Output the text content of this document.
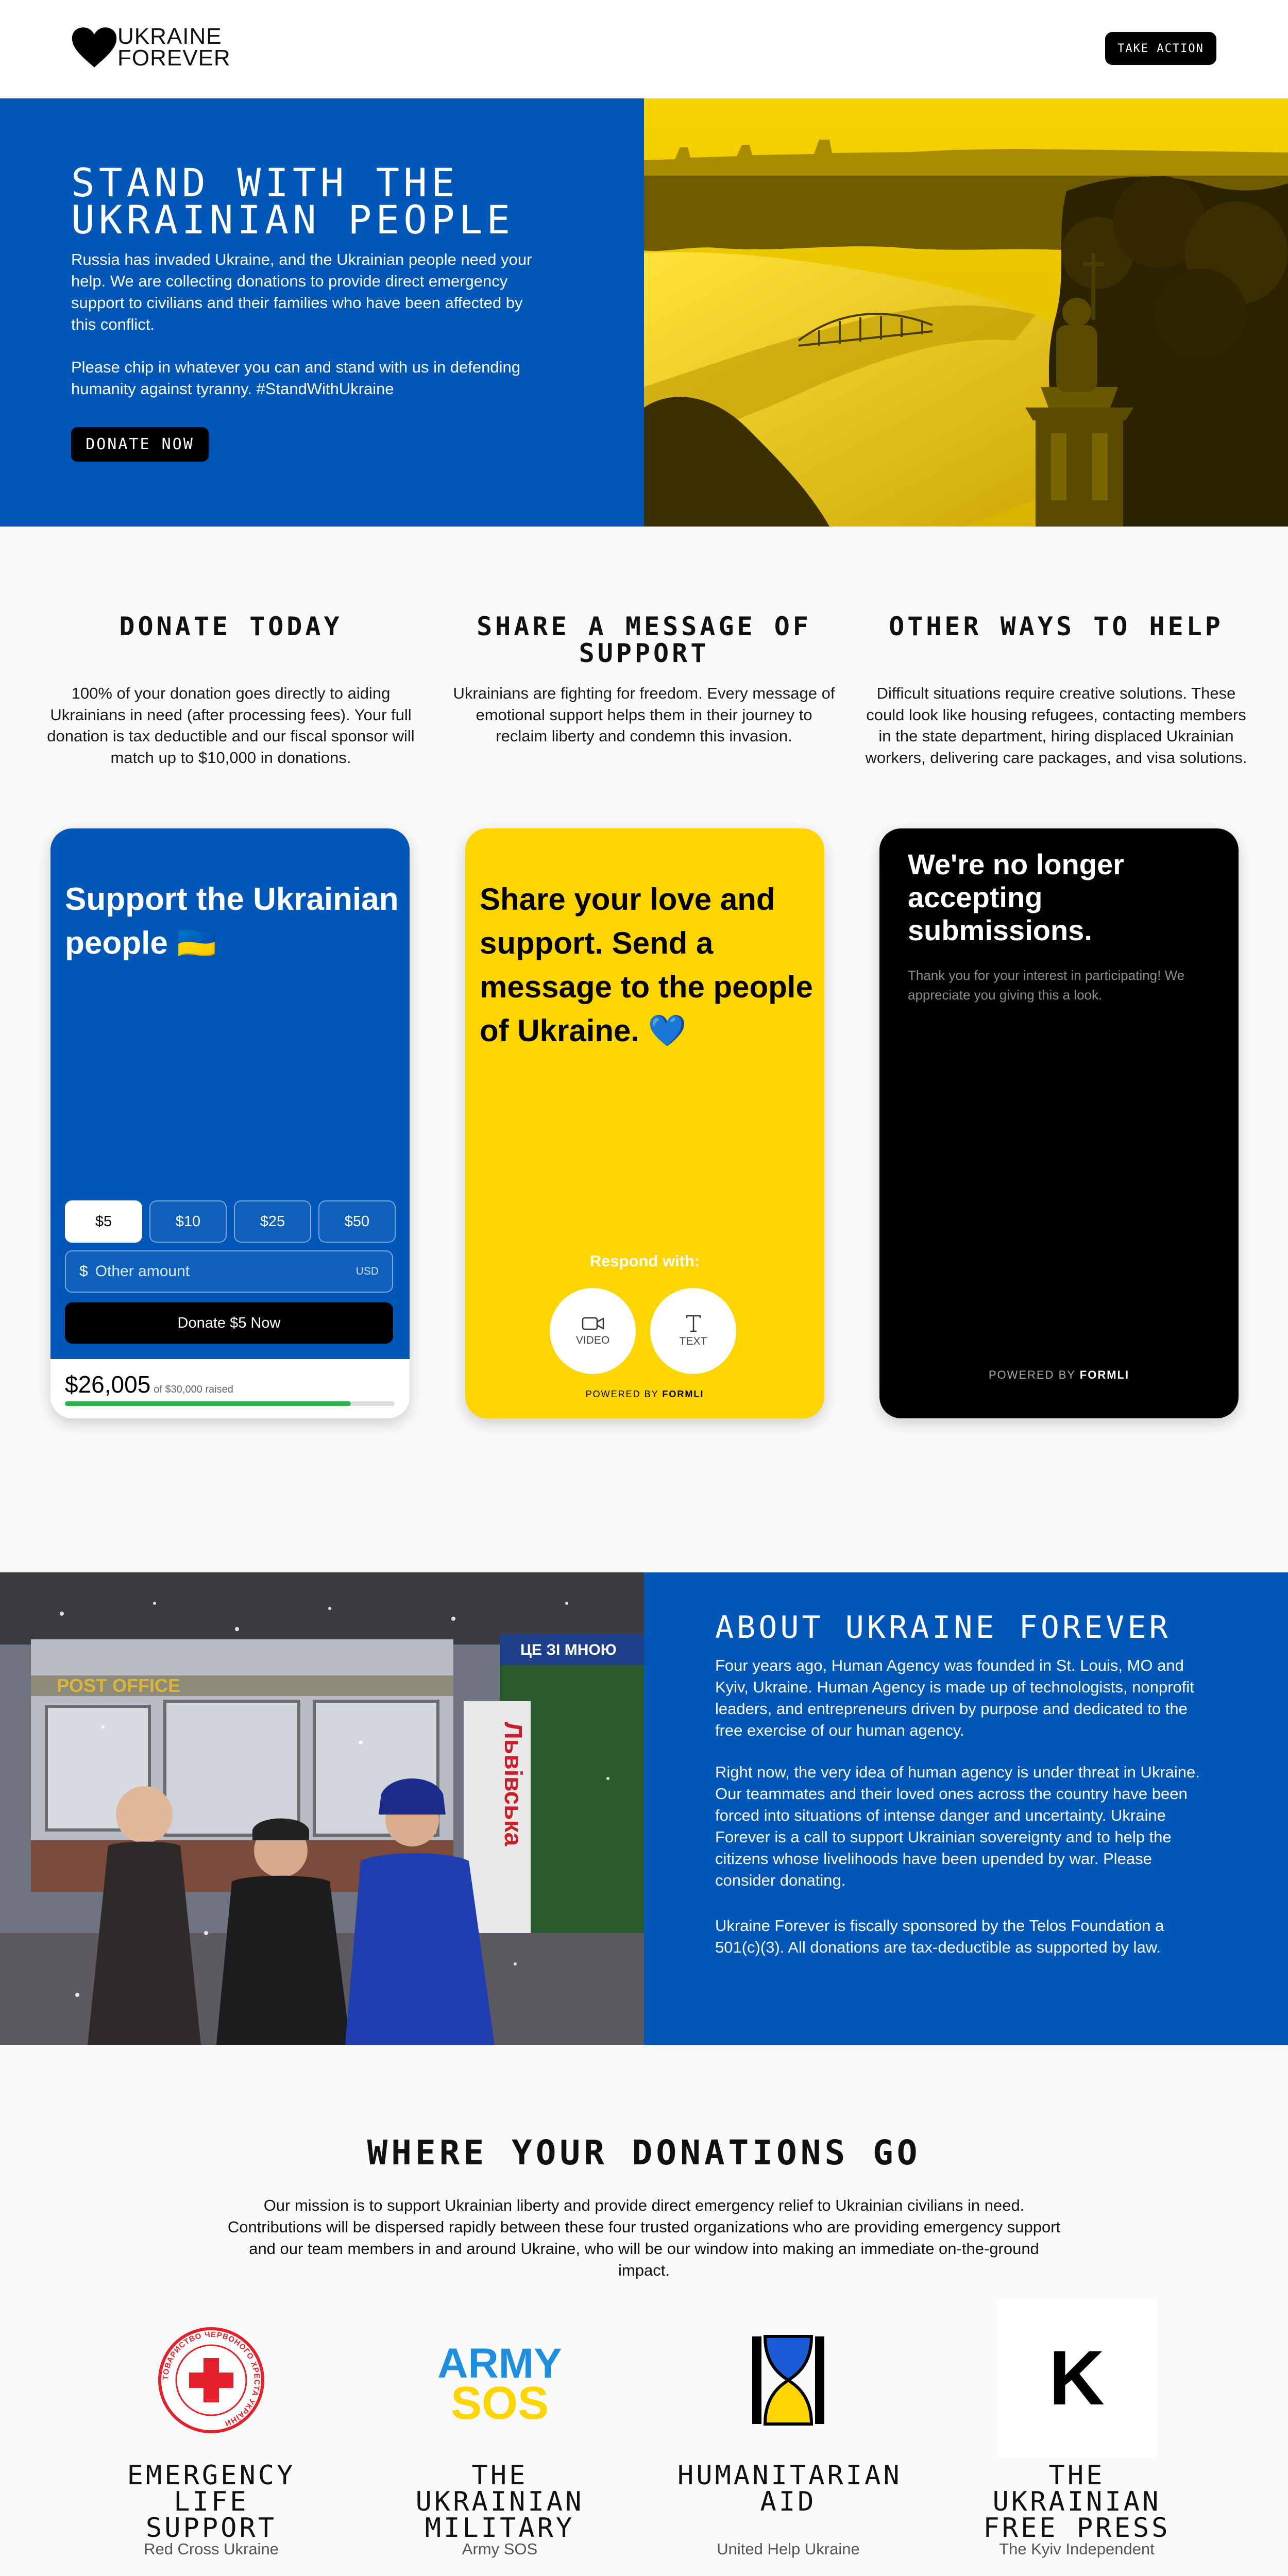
UKRAINE
FOREVER	TAKE ACTION
STAND WITH THE UKRAINIAN PEOPLE

Russia has invaded Ukraine, and the Ukrainian people need your help. We are collecting donations to provide direct emergency support to civilians and their families who have been affected by this conflict.

Please chip in whatever you can and stand with us in defending humanity against tyranny. #StandWithUkraine

DONATE NOW
DONATE TODAY

100% of your donation goes directly to aiding Ukrainians in need (after processing fees). Your full donation is tax deductible and our fiscal sponsor will match up to $10,000 in donations.

SHARE A MESSAGE OF SUPPORT

Ukrainians are fighting for freedom. Every message of emotional support helps them in their journey to reclaim liberty and condemn this invasion.

OTHER WAYS TO HELP

Difficult situations require creative solutions. These could look like housing refugees, contacting members in the state department, hiring displaced Ukrainian workers, delivering care packages, and visa solutions.

Support the Ukrainian people 🇺🇦
$5	$10	$25	$50
$ Other amount	USD
Donate $5 Now
$26,005 of $30,000 raised
Share your love and support. Send a message to the people of Ukraine. 💙
Respond with:
VIDEO	TEXT
POWERED BY FORMLI
We're no longer accepting submissions.
Thank you for your interest in participating! We appreciate you giving this a look.
POWERED BY FORMLI
POST OFFICE
ЦЕ ЗІ МНОЮ
Львівська
ABOUT UKRAINE FOREVER

Four years ago, Human Agency was founded in St. Louis, MO and Kyiv, Ukraine. Human Agency is made up of technologists, nonprofit leaders, and entrepreneurs driven by purpose and dedicated to the free exercise of our human agency.

Right now, the very idea of human agency is under threat in Ukraine. Our teammates and their loved ones across the country have been forced into situations of intense danger and uncertainty. Ukraine Forever is a call to support Ukrainian sovereignty and to help the citizens whose livelihoods have been upended by war. Please consider donating.

Ukraine Forever is fiscally sponsored by the Telos Foundation a 501(c)(3). All donations are tax-deductible as supported by law.

WHERE YOUR DONATIONS GO

Our mission is to support Ukrainian liberty and provide direct emergency relief to Ukrainian civilians in need. Contributions will be dispersed rapidly between these four trusted organizations who are providing emergency support and our team members in and around Ukraine, who will be our window into making an immediate on-the-ground impact.

ТОВАРИСТВО ЧЕРВОНОГО ХРЕСТА УКРАЇНИ
EMERGENCY LIFE SUPPORT
Red Cross Ukraine
ARMY
SOS
THE UKRAINIAN MILITARY
Army SOS
HUMANITARIAN AID
United Help Ukraine
K
THE UKRAINIAN FREE PRESS
The Kyiv Independent
